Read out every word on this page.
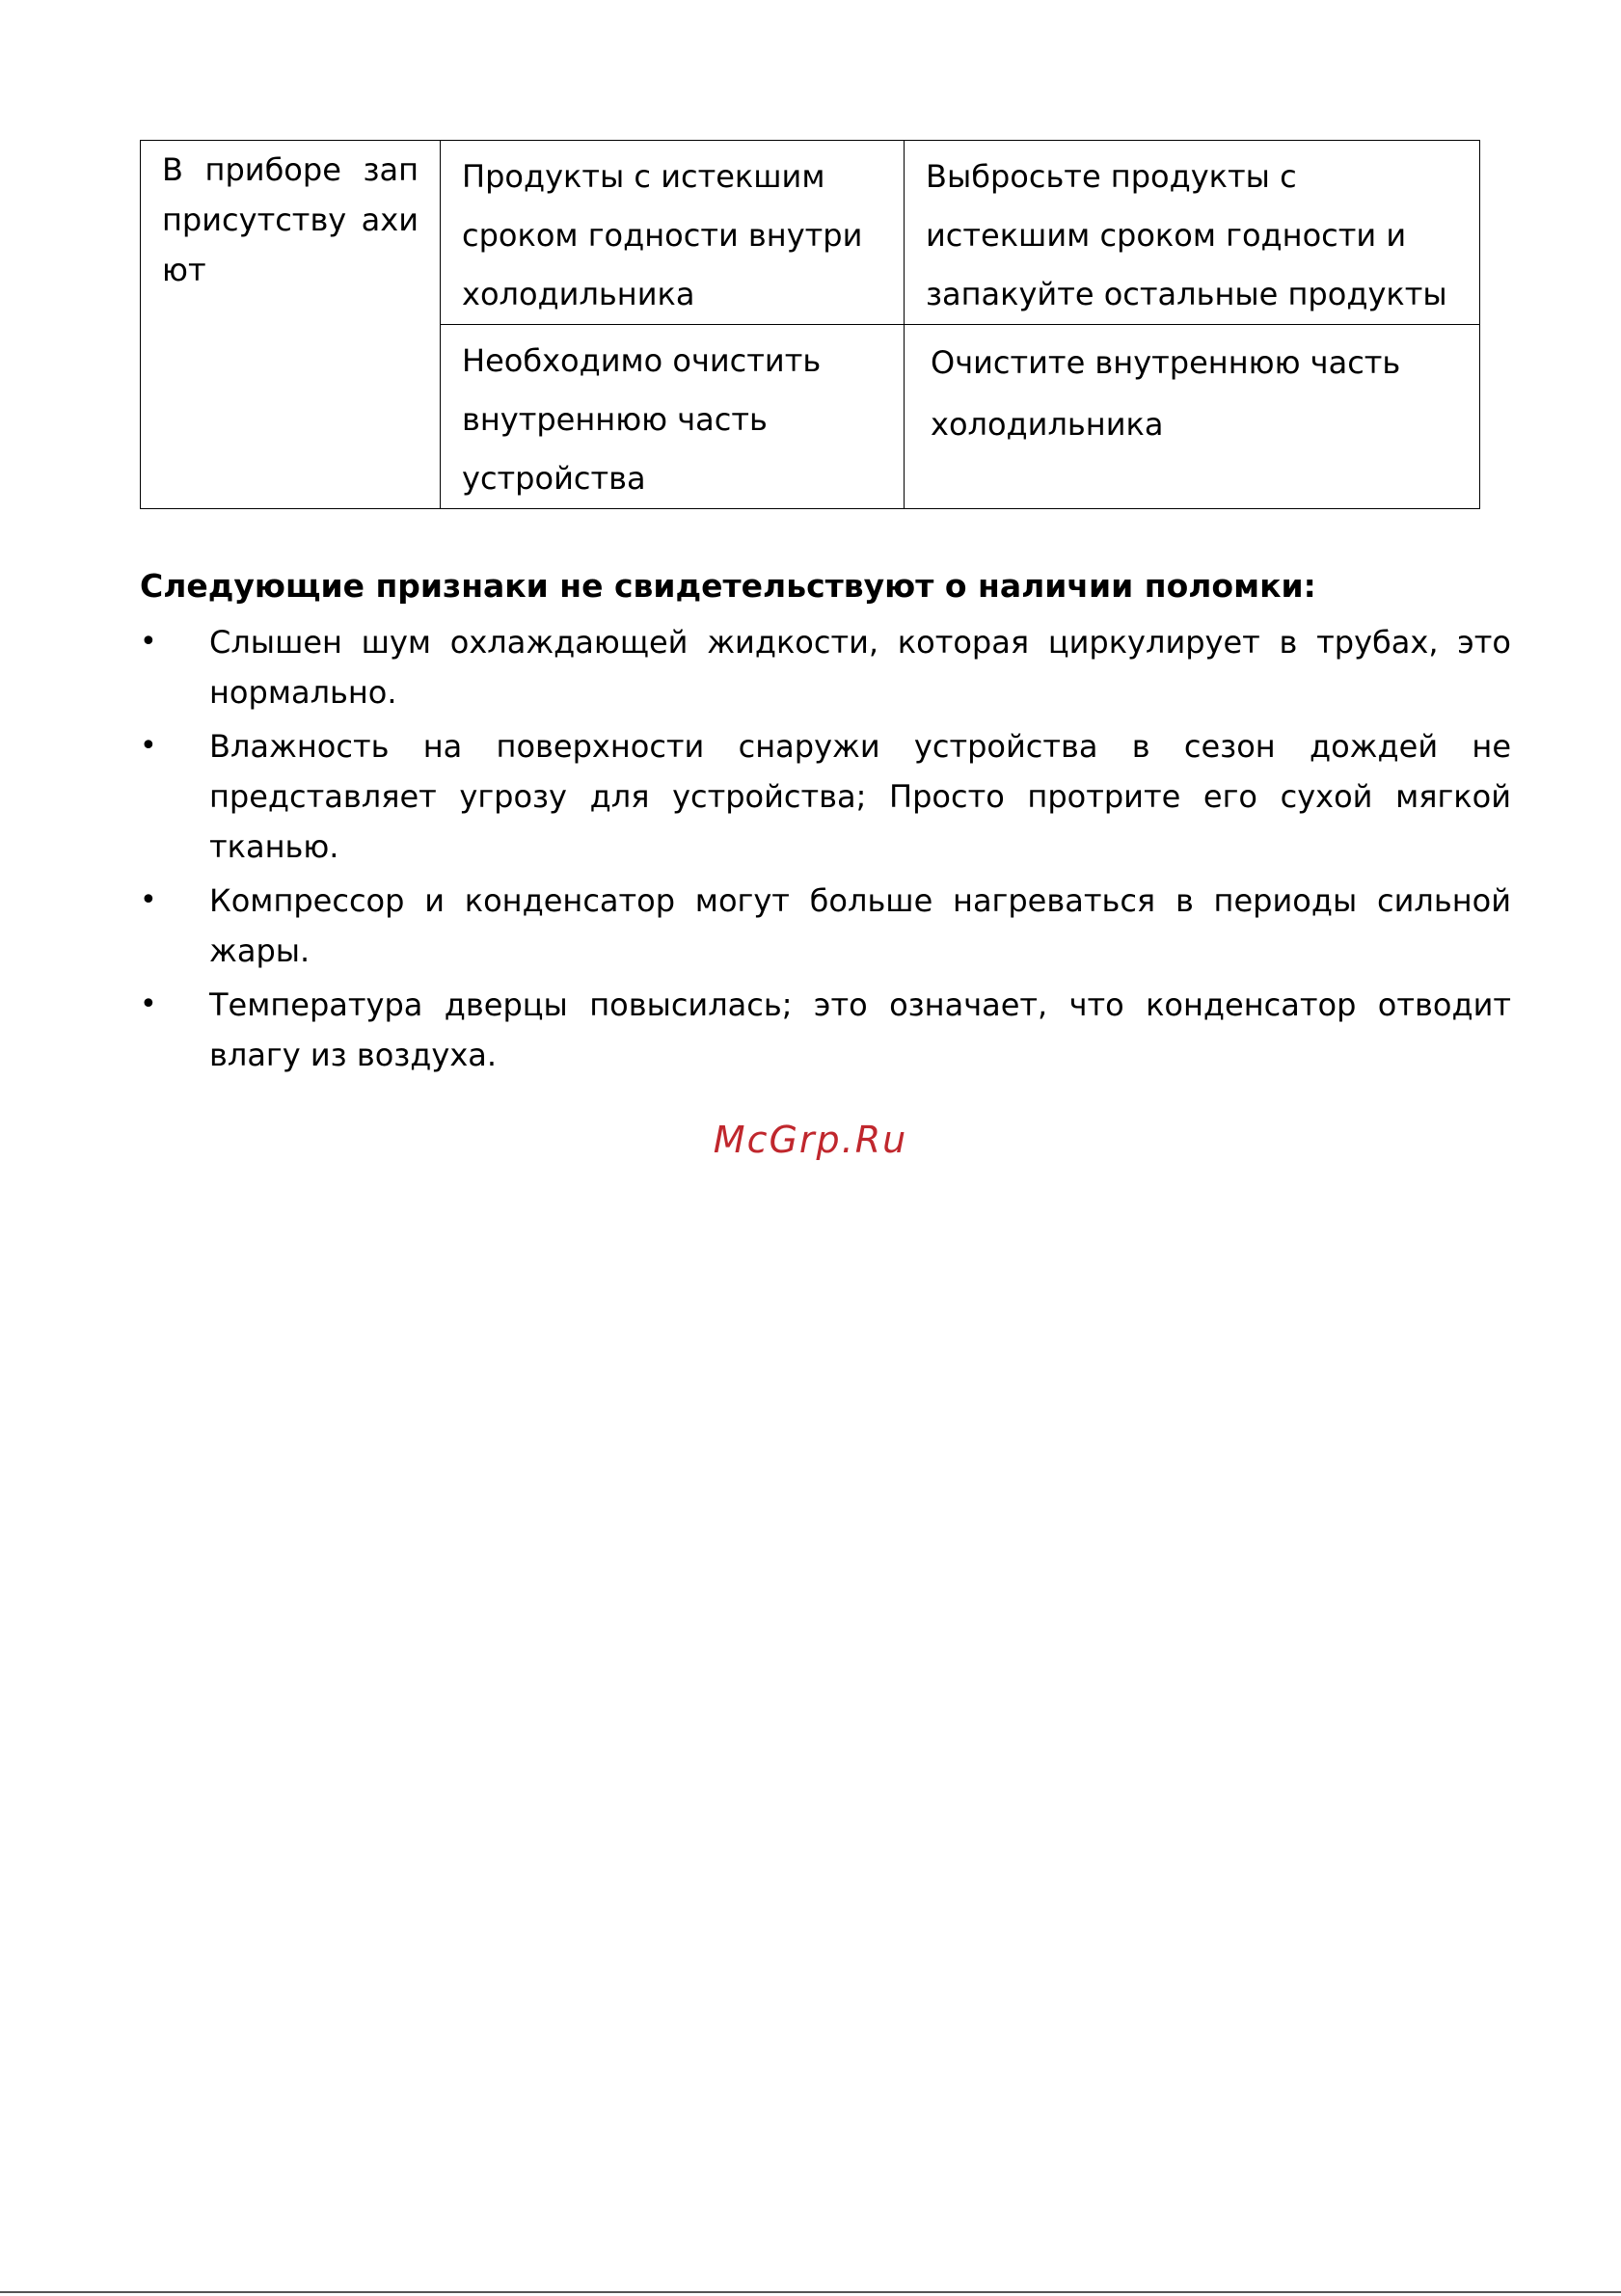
В приборе зап
присутству ахи
ют	Продукты с истекшим сроком годности внутри холодильника	Выбросьте продукты с истекшим сроком годности и запакуйте остальные продукты
	Необходимо очистить внутреннюю часть устройства	Очистите внутреннюю часть холодильника
Следующие признаки не свидетельствуют о наличии поломки:
• Слышен шум охлаждающей жидкости, которая циркулирует в трубах, это нормально.
• Влажность на поверхности снаружи устройства в сезон дождей не представляет угрозу для устройства; Просто протрите его сухой мягкой тканью.
• Компрессор и конденсатор могут больше нагреваться в периоды сильной жары.
• Температура дверцы повысилась; это означает, что конденсатор отводит влагу из воздуха.
McGrp.Ru
